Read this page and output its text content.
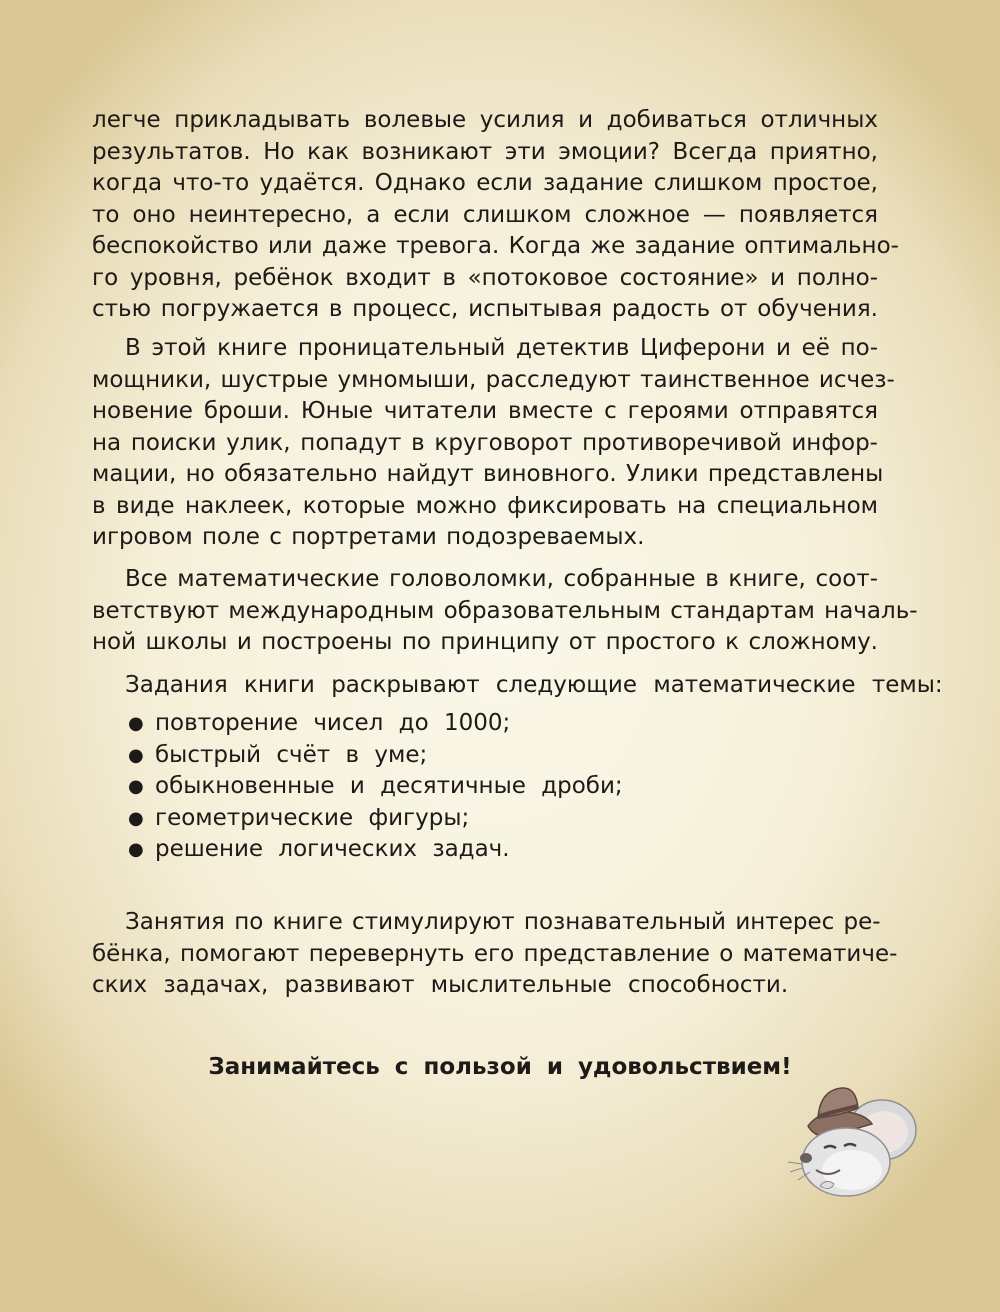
легче прикладывать волевые усилия и добиваться отличных
результатов. Но как возникают эти эмоции? Всегда приятно,
когда что-то удаётся. Однако если задание слишком простое,
то оно неинтересно, а если слишком сложное — появляется
беспокойство или даже тревога. Когда же задание оптимально-
го уровня, ребёнок входит в «потоковое состояние» и полно-
стью погружается в процесс, испытывая радость от обучения.
В этой книге проницательный детектив Циферони и её по-
мощники, шустрые умномыши, расследуют таинственное исчез-
новение броши. Юные читатели вместе с героями отправятся
на поиски улик, попадут в круговорот противоречивой инфор-
мации, но обязательно найдут виновного. Улики представлены
в виде наклеек, которые можно фиксировать на специальном
игровом поле с портретами подозреваемых.
Все математические головоломки, собранные в книге, соот-
ветствуют международным образовательным стандартам началь-
ной школы и построены по принципу от простого к сложному.
Задания книги раскрывают следующие математические темы:
● повторение чисел до 1000;
● быстрый счёт в уме;
● обыкновенные и десятичные дроби;
● геометрические фигуры;
● решение логических задач.
Занятия по книге стимулируют познавательный интерес ре-
бёнка, помогают перевернуть его представление о математиче-
ских задачах, развивают мыслительные способности.
Занимайтесь с пользой и удовольствием!
